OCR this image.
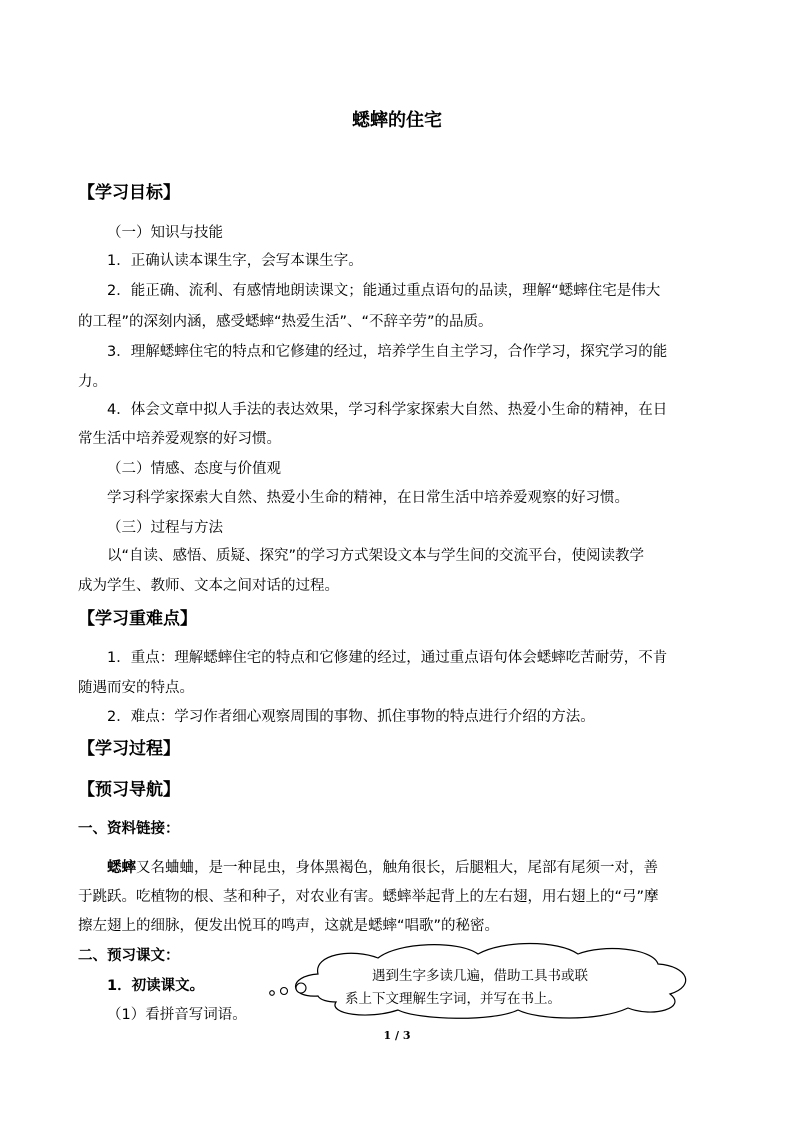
蟋蟀的住宅
【学习目标】
（一）知识与技能
1．正确认读本课生字，会写本课生字。
2．能正确、流利、有感情地朗读课文；能通过重点语句的品读，理解“蟋蟀住宅是伟大
的工程”的深刻内涵，感受蟋蟀“热爱生活”、“不辞辛劳”的品质。
3．理解蟋蟀住宅的特点和它修建的经过，培养学生自主学习，合作学习，探究学习的能
力。
4．体会文章中拟人手法的表达效果，学习科学家探索大自然、热爱小生命的精神，在日
常生活中培养爱观察的好习惯。
（二）情感、态度与价值观
学习科学家探索大自然、热爱小生命的精神，在日常生活中培养爱观察的好习惯。
（三）过程与方法
以“自读、感悟、质疑、探究”的学习方式架设文本与学生间的交流平台，使阅读教学
成为学生、教师、文本之间对话的过程。
【学习重难点】
1．重点：理解蟋蟀住宅的特点和它修建的经过，通过重点语句体会蟋蟀吃苦耐劳，不肯
随遇而安的特点。
2．难点：学习作者细心观察周围的事物、抓住事物的特点进行介绍的方法。
【学习过程】
【预习导航】
一、资料链接：
蟋蟀又名蛐蛐，是一种昆虫，身体黑褐色，触角很长，后腿粗大，尾部有尾须一对，善
于跳跃。吃植物的根、茎和种子，对农业有害。蟋蟀举起背上的左右翅，用右翅上的“弓”摩
擦左翅上的细脉，便发出悦耳的鸣声，这就是蟋蟀“唱歌”的秘密。
二、预习课文：
1．初读课文。
（1）看拼音写词语。
遇到生字多读几遍，借助工具书或联
系上下文理解生字词，并写在书上。
1 / 3
